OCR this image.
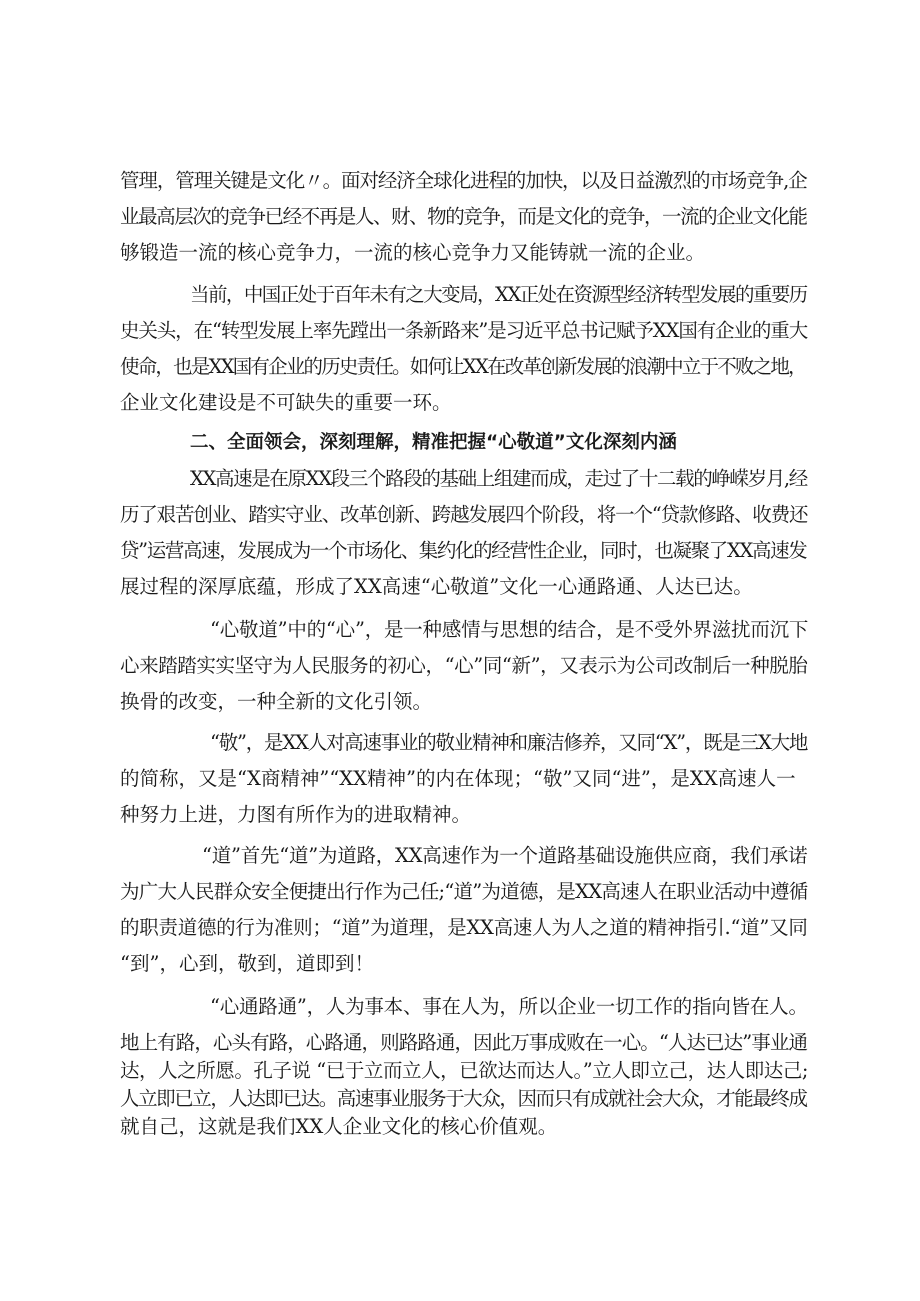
管理，管理关键是文化〃。面对经济全球化进程的加快，以及日益激烈的市场竞争,企
业最高层次的竞争已经不再是人、财、物的竞争，而是文化的竞争，一流的企业文化能
够锻造一流的核心竞争力，一流的核心竞争力又能铸就一流的企业。
当前，中国正处于百年未有之大变局，XX正处在资源型经济转型发展的重要历
史关头，在“转型发展上率先蹚出一条新路来”是习近平总书记赋予XX国有企业的重大
使命，也是XX国有企业的历史责任。如何让XX在改革创新发展的浪潮中立于不败之地，
企业文化建设是不可缺失的重要一环。
二、全面领会，深刻理解，精准把握“心敬道”文化深刻内涵
XX高速是在原XX段三个路段的基础上组建而成，走过了十二载的峥嵘岁月,经
历了艰苦创业、踏实守业、改革创新、跨越发展四个阶段，将一个“贷款修路、收费还
贷”运营高速，发展成为一个市场化、集约化的经营性企业，同时，也凝聚了XX高速发
展过程的深厚底蕴，形成了XX高速“心敬道”文化一心通路通、人达已达。
“心敬道”中的“心”，是一种感情与思想的结合，是不受外界滋扰而沉下
心来踏踏实实坚守为人民服务的初心，“心”同“新”，又表示为公司改制后一种脱胎
换骨的改变，一种全新的文化引领。
“敬”，是XX人对高速事业的敬业精神和廉洁修养，又同“X”，既是三X大地
的简称，又是“X商精神”“XX精神”的内在体现；“敬”又同“进”，是XX高速人一
种努力上进，力图有所作为的进取精神。
“道”首先“道”为道路，XX高速作为一个道路基础设施供应商，我们承诺
为广大人民群众安全便捷出行作为己任;“道”为道德，是XX高速人在职业活动中遵循
的职责道德的行为准则；“道”为道理，是XX高速人为人之道的精神指引.“道”又同
“到”，心到，敬到，道即到！
“心通路通”，人为事本、事在人为，所以企业一切工作的指向皆在人。
地上有路，心头有路，心路通，则路路通，因此万事成败在一心。“人达已达”事业通
达，人之所愿。孔子说 “已于立而立人，已欲达而达人。”立人即立己，达人即达己;
人立即已立，人达即已达。高速事业服务于大众，因而只有成就社会大众，才能最终成
就自己，这就是我们XX人企业文化的核心价值观。
